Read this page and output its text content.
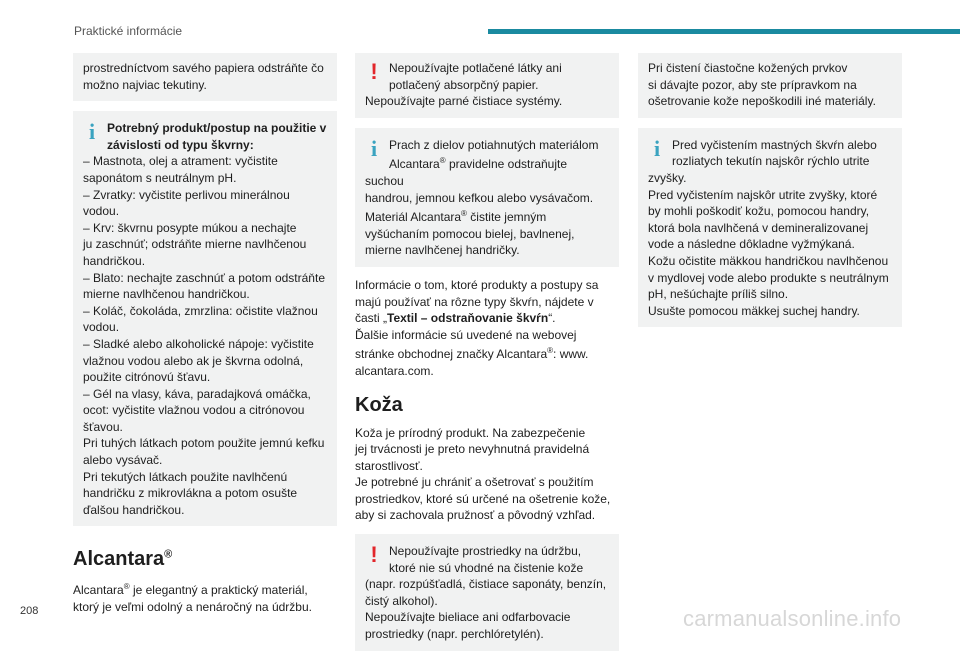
Praktické informácie
prostredníctvom savého papiera odstráňte čo
možno najviac tekutiny.
i Potrebný produkt/postup na použitie v
závislosti od typu škvrny:
– Mastnota, olej a atrament: vyčistite
saponátom s neutrálnym pH.
– Zvratky: vyčistite perlivou minerálnou
vodou.
– Krv: škvrnu posypte múkou a nechajte
ju zaschnúť; odstráňte mierne navlhčenou
handričkou.
– Blato: nechajte zaschnúť a potom odstráňte
mierne navlhčenou handričkou.
– Koláč, čokoláda, zmrzlina: očistite vlažnou
vodou.
– Sladké alebo alkoholické nápoje: vyčistite
vlažnou vodou alebo ak je škvrna odolná,
použite citrónovú šťavu.
– Gél na vlasy, káva, paradajková omáčka,
ocot: vyčistite vlažnou vodou a citrónovou
šťavou.
Pri tuhých látkach potom použite jemnú kefku
alebo vysávač.
Pri tekutých látkach použite navlhčenú
handričku z mikrovlákna a potom osušte
ďalšou handričkou.
Alcantara®
Alcantara® je elegantný a praktický materiál,
ktorý je veľmi odolný a nenáročný na údržbu.
! Nepoužívajte potlačené látky ani
potlačený absorpčný papier.
Nepoužívajte parné čistiace systémy.
i Prach z dielov potiahnutých materiálom
Alcantara® pravidelne odstraňujte suchou
handrou, jemnou kefkou alebo vysávačom.
Materiál Alcantara® čistite jemným
vyšúchaním pomocou bielej, bavlnenej,
mierne navlhčenej handričky.
Informácie o tom, ktoré produkty a postupy sa
majú používať na rôzne typy škvŕn, nájdete v
časti „Textil – odstraňovanie škvŕn“.
Ďalšie informácie sú uvedené na webovej
stránke obchodnej značky Alcantara®: www.
alcantara.com.
Koža
Koža je prírodný produkt. Na zabezpečenie
jej trvácnosti je preto nevyhnutná pravidelná
starostlivosť.
Je potrebné ju chrániť a ošetrovať s použitím
prostriedkov, ktoré sú určené na ošetrenie kože,
aby si zachovala pružnosť a pôvodný vzhľad.
! Nepoužívajte prostriedky na údržbu,
ktoré nie sú vhodné na čistenie kože
(napr. rozpúšťadlá, čistiace saponáty, benzín,
čistý alkohol).
Nepoužívajte bieliace ani odfarbovacie
prostriedky (napr. perchlóretylén).
Pri čistení čiastočne kožených prvkov
si dávajte pozor, aby ste prípravkom na
ošetrovanie kože nepoškodili iné materiály.
i Pred vyčistením mastných škvŕn alebo
rozliatych tekutín najskôr rýchlo utrite
zvyšky.
Pred vyčistením najskôr utrite zvyšky, ktoré
by mohli poškodiť kožu, pomocou handry,
ktorá bola navlhčená v demineralizovanej
vode a následne dôkladne vyžmýkaná.
Kožu očistite mäkkou handričkou navlhčenou
v mydlovej vode alebo produkte s neutrálnym
pH, nešúchajte príliš silno.
Usušte pomocou mäkkej suchej handry.
208	carmanualsonline.info
